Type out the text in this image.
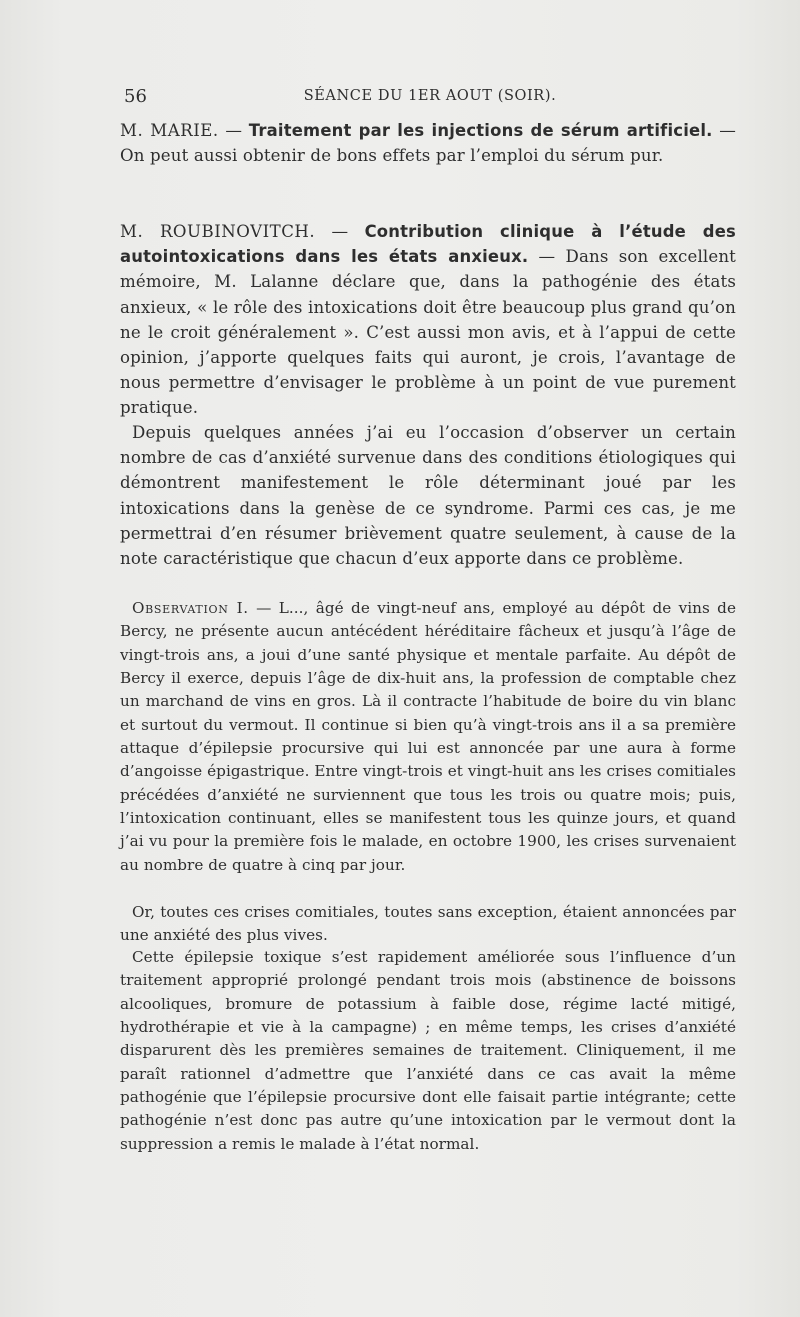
56	SÉANCE DU 1ER AOUT (SOIR).

M. MARIE. — Traitement par les injections de sérum artificiel. — On peut aussi obtenir de bons effets par l’emploi du sérum pur.

M. ROUBINOVITCH. — Contribution clinique à l’étude des autointoxications dans les états anxieux. — Dans son excellent mémoire, M. Lalanne déclare que, dans la pathogénie des états anxieux, « le rôle des intoxications doit être beaucoup plus grand qu’on ne le croit généralement ». C’est aussi mon avis, et à l’appui de cette opinion, j’apporte quelques faits qui auront, je crois, l’avantage de nous permettre d’envisager le problème à un point de vue purement pratique.

Depuis quelques années j’ai eu l’occasion d’observer un certain nombre de cas d’anxiété survenue dans des conditions étiologiques qui démontrent manifestement le rôle déterminant joué par les intoxications dans la genèse de ce syndrome. Parmi ces cas, je me permettrai d’en résumer brièvement quatre seulement, à cause de la note caractéristique que chacun d’eux apporte dans ce problème.

Observation I. — L..., âgé de vingt-neuf ans, employé au dépôt de vins de Bercy, ne présente aucun antécédent héréditaire fâcheux et jusqu’à l’âge de vingt-trois ans, a joui d’une santé physique et mentale parfaite. Au dépôt de Bercy il exerce, depuis l’âge de dix-huit ans, la profession de comptable chez un marchand de vins en gros. Là il contracte l’habitude de boire du vin blanc et surtout du vermout. Il continue si bien qu’à vingt-trois ans il a sa première attaque d’épilepsie procursive qui lui est annoncée par une aura à forme d’angoisse épigastrique. Entre vingt-trois et vingt-huit ans les crises comitiales précédées d’anxiété ne surviennent que tous les trois ou quatre mois; puis, l’intoxication continuant, elles se manifestent tous les quinze jours, et quand j’ai vu pour la première fois le malade, en octobre 1900, les crises survenaient au nombre de quatre à cinq par jour.

Or, toutes ces crises comitiales, toutes sans exception, étaient annoncées par une anxiété des plus vives.

Cette épilepsie toxique s’est rapidement améliorée sous l’influence d’un traitement approprié prolongé pendant trois mois (abstinence de boissons alcooliques, bromure de potassium à faible dose, régime lacté mitigé, hydrothérapie et vie à la campagne) ; en même temps, les crises d’anxiété disparurent dès les premières semaines de traitement. Cliniquement, il me paraît rationnel d’admettre que l’anxiété dans ce cas avait la même pathogénie que l’épilepsie procursive dont elle faisait partie intégrante; cette pathogénie n’est donc pas autre qu’une intoxication par le vermout dont la suppression a remis le malade à l’état normal.
